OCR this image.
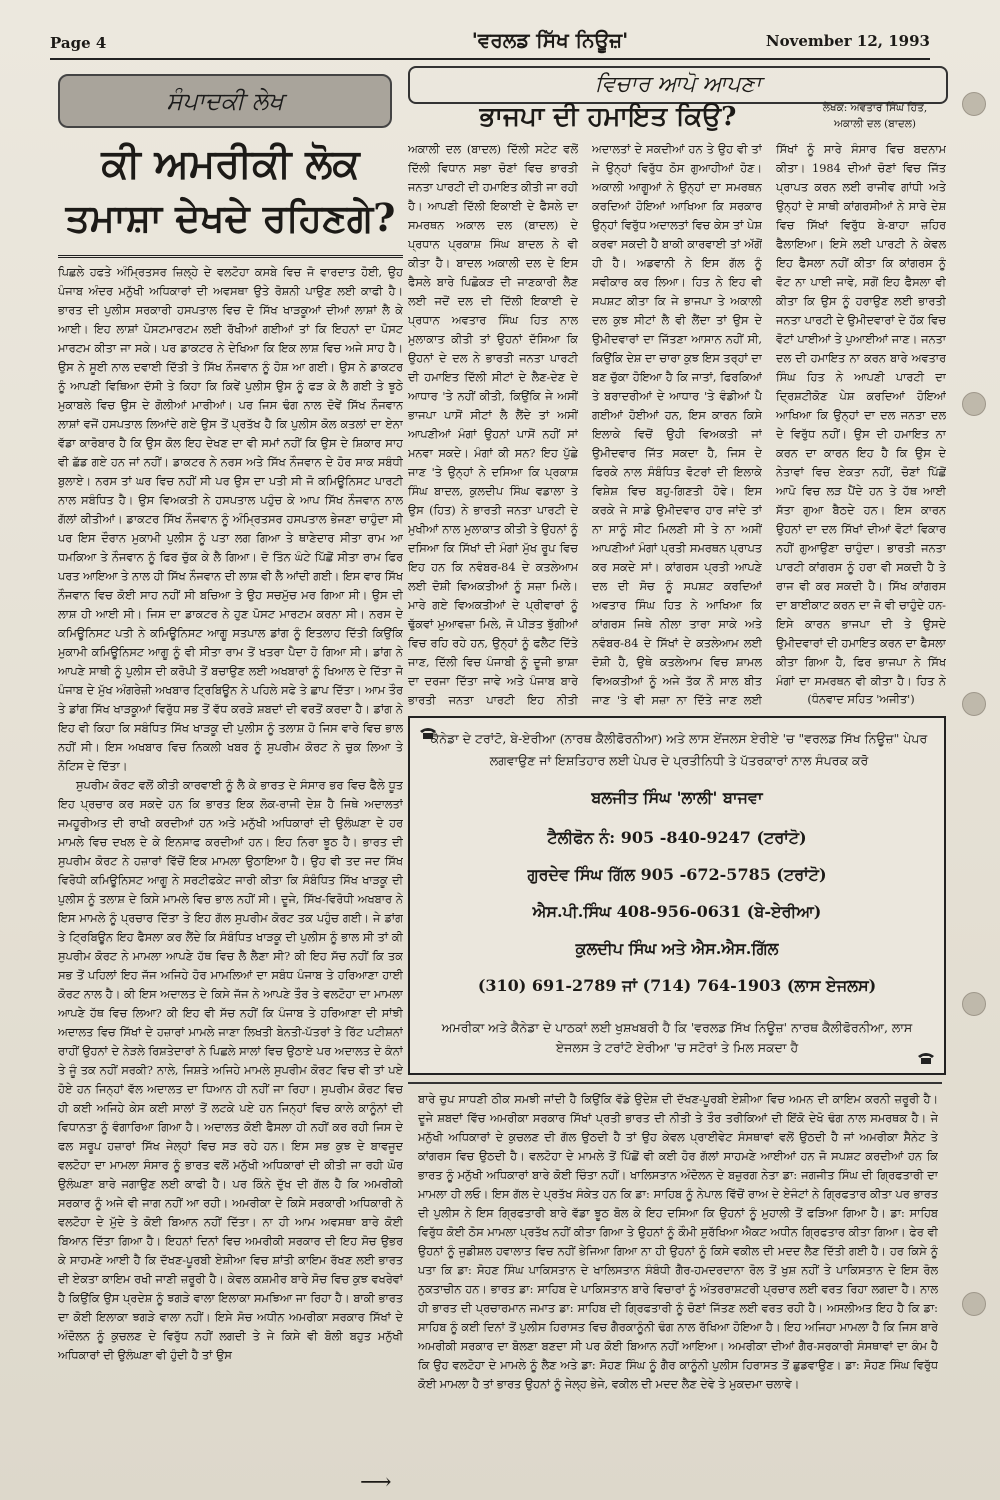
Page 4	'ਵਰਲਡ ਸਿੱਖ ਨਿਊਜ਼'	November 12, 1993
ਸੰਪਾਦਕੀ ਲੇਖ
ਕੀ ਅਮਰੀਕੀ ਲੋਕ
ਤਮਾਸ਼ਾ ਦੇਖਦੇ ਰਹਿਣਗੇ?

ਪਿਛਲੇ ਹਫਤੇ ਅੰਮ੍ਰਿਤਸਰ ਜ਼ਿਲ੍ਹੇ ਦੇ ਵਲਟੋਹਾ ਕਸਬੇ ਵਿਚ ਜੋ ਵਾਰਦਾਤ ਹੋਈ, ਉਹ ਪੰਜਾਬ ਅੰਦਰ ਮਨੁੱਖੀ ਅਧਿਕਾਰਾਂ ਦੀ ਅਵਸਥਾ ਉਤੇ ਰੋਸ਼ਨੀ ਪਾਉਣ ਲਈ ਕਾਫੀ ਹੈ। ਭਾਰਤ ਦੀ ਪੁਲੀਸ ਸਰਕਾਰੀ ਹਸਪਤਾਲ ਵਿਚ ਦੋ ਸਿੱਖ ਖਾੜਕੂਆਂ ਦੀਆਂ ਲਾਸ਼ਾਂ ਲੈ ਕੇ ਆਈ। ਇਹ ਲਾਸ਼ਾਂ ਪੋਸਟਮਾਰਟਮ ਲਈ ਰੱਖੀਆਂ ਗਈਆਂ ਤਾਂ ਕਿ ਇਹਨਾਂ ਦਾ ਪੋਸਟ ਮਾਰਟਮ ਕੀਤਾ ਜਾ ਸਕੇ। ਪਰ ਡਾਕਟਰ ਨੇ ਦੇਖਿਆ ਕਿ ਇਕ ਲਾਸ਼ ਵਿਚ ਅਜੇ ਸਾਹ ਹੈ। ਉਸ ਨੇ ਸੂਈ ਨਾਲ ਦਵਾਈ ਦਿੱਤੀ ਤੇ ਸਿੱਖ ਨੌਜਵਾਨ ਨੂੰ ਹੋਸ਼ ਆ ਗਈ। ਉਸ ਨੇ ਡਾਕਟਰ ਨੂੰ ਆਪਣੀ ਵਿਥਿਆ ਦੱਸੀ ਤੇ ਕਿਹਾ ਕਿ ਕਿਵੇਂ ਪੁਲੀਸ ਉਸ ਨੂੰ ਫੜ ਕੇ ਲੈ ਗਈ ਤੇ ਝੂਠੇ ਮੁਕਾਬਲੇ ਵਿਚ ਉਸ ਦੇ ਗੋਲੀਆਂ ਮਾਰੀਆਂ। ਪਰ ਜਿਸ ਢੰਗ ਨਾਲ ਦੋਵੇਂ ਸਿੱਖ ਨੌਜਵਾਨ ਲਾਸ਼ਾਂ ਵਜੋਂ ਹਸਪਤਾਲ ਲਿਆਂਦੇ ਗਏ ਉਸ ਤੋਂ ਪ੍ਰਤੱਖ ਹੈ ਕਿ ਪੁਲੀਸ ਕੋਲ ਕਤਲਾਂ ਦਾ ਏਨਾ ਵੱਡਾ ਕਾਰੋਬਾਰ ਹੈ ਕਿ ਉਸ ਕੋਲ ਇਹ ਦੇਖਣ ਦਾ ਵੀ ਸਮਾਂ ਨਹੀਂ ਕਿ ਉਸ ਦੇ ਸ਼ਿਕਾਰ ਸਾਹ ਵੀ ਛੱਡ ਗਏ ਹਨ ਜਾਂ ਨਹੀਂ। ਡਾਕਟਰ ਨੇ ਨਰਸ ਅਤੇ ਸਿੱਖ ਨੌਜਵਾਨ ਦੇ ਹੋਰ ਸਾਕ ਸਬੰਧੀ ਬੁਲਾਏ। ਨਰਸ ਤਾਂ ਘਰ ਵਿਚ ਨਹੀਂ ਸੀ ਪਰ ਉਸ ਦਾ ਪਤੀ ਸੀ ਜੋ ਕਮਿਊਨਿਸਟ ਪਾਰਟੀ ਨਾਲ ਸਬੰਧਿਤ ਹੈ। ਉਸ ਵਿਅਕਤੀ ਨੇ ਹਸਪਤਾਲ ਪਹੁੰਚ ਕੇ ਆਪ ਸਿੱਖ ਨੌਜਵਾਨ ਨਾਲ ਗੱਲਾਂ ਕੀਤੀਆਂ। ਡਾਕਟਰ ਸਿੱਖ ਨੌਜਵਾਨ ਨੂੰ ਅੰਮ੍ਰਿਤਸਰ ਹਸਪਤਾਲ ਭੇਜਣਾ ਚਾਹੁੰਦਾ ਸੀ ਪਰ ਇਸ ਦੌਰਾਨ ਮੁਕਾਮੀ ਪੁਲੀਸ ਨੂੰ ਪਤਾ ਲਗ ਗਿਆ ਤੇ ਥਾਣੇਦਾਰ ਸੀਤਾ ਰਾਮ ਆ ਧਮਕਿਆ ਤੇ ਨੌਜਵਾਨ ਨੂੰ ਫਿਰ ਚੁੱਕ ਕੇ ਲੈ ਗਿਆ। ਦੋ ਤਿੰਨ ਘੰਟੇ ਪਿੱਛੋਂ ਸੀਤਾ ਰਾਮ ਫਿਰ ਪਰਤ ਆਇਆ ਤੇ ਨਾਲ ਹੀ ਸਿੱਖ ਨੌਜਵਾਨ ਦੀ ਲਾਸ਼ ਵੀ ਲੈ ਆਂਦੀ ਗਈ। ਇਸ ਵਾਰ ਸਿੱਖ ਨੌਜਵਾਨ ਵਿਚ ਕੋਈ ਸਾਹ ਨਹੀਂ ਸੀ ਬਚਿਆ ਤੇ ਉਹ ਸਚਮੁੱਚ ਮਰ ਗਿਆ ਸੀ। ਉਸ ਦੀ ਲਾਸ਼ ਹੀ ਆਈ ਸੀ। ਜਿਸ ਦਾ ਡਾਕਟਰ ਨੇ ਹੁਣ ਪੋਸਟ ਮਾਰਟਮ ਕਰਨਾ ਸੀ। ਨਰਸ ਦੇ ਕਮਿਊਨਿਸਟ ਪਤੀ ਨੇ ਕਮਿਊਨਿਸਟ ਆਗੂ ਸਤਪਾਲ ਡਾਂਗ ਨੂੰ ਇਤਲਾਹ ਦਿੱਤੀ ਕਿਉਂਕਿ ਮੁਕਾਮੀ ਕਮਿਊਨਿਸਟ ਆਗੂ ਨੂੰ ਵੀ ਸੀਤਾ ਰਾਮ ਤੋਂ ਖਤਰਾ ਪੈਦਾ ਹੋ ਗਿਆ ਸੀ। ਡਾਂਗ ਨੇ ਆਪਣੇ ਸਾਥੀ ਨੂੰ ਪੁਲੀਸ ਦੀ ਕਰੋਪੀ ਤੋਂ ਬਚਾਉਣ ਲਈ ਅਖਬਾਰਾਂ ਨੂੰ ਖਿਆਲ ਦੇ ਦਿੱਤਾ ਜੋ ਪੰਜਾਬ ਦੇ ਮੁੱਖ ਅੰਗਰੇਜ਼ੀ ਅਖਬਾਰ ਟ੍ਰਿਬਿਊਨ ਨੇ ਪਹਿਲੇ ਸਫੇ ਤੇ ਛਾਪ ਦਿੱਤਾ। ਆਮ ਤੌਰ ਤੇ ਡਾਂਗ ਸਿੱਖ ਖਾੜਕੂਆਂ ਵਿਰੁੱਧ ਸਭ ਤੋਂ ਵੱਧ ਕਰੜੇ ਸ਼ਬਦਾਂ ਦੀ ਵਰਤੋਂ ਕਰਦਾ ਹੈ। ਡਾਂਗ ਨੇ ਇਹ ਵੀ ਕਿਹਾ ਕਿ ਸਬੰਧਿਤ ਸਿੱਖ ਖਾੜਕੂ ਦੀ ਪੁਲੀਸ ਨੂੰ ਤਲਾਸ਼ ਹੋ ਜਿਸ ਵਾਰੇ ਵਿਚ ਭਾਲ ਨਹੀਂ ਸੀ। ਇਸ ਅਖਬਾਰ ਵਿਚ ਨਿਕਲੀ ਖਬਰ ਨੂੰ ਸੁਪਰੀਮ ਕੋਰਟ ਨੇ ਚੁਕ ਲਿਆ ਤੇ ਨੋਟਿਸ ਦੇ ਦਿੱਤਾ।

ਸੁਪਰੀਮ ਕੋਰਟ ਵਲੋਂ ਕੀਤੀ ਕਾਰਵਾਈ ਨੂੰ ਲੈ ਕੇ ਭਾਰਤ ਦੇ ਸੰਸਾਰ ਭਰ ਵਿਚ ਫੈਲੇ ਧੂਤ ਇਹ ਪ੍ਰਚਾਰ ਕਰ ਸਕਦੇ ਹਨ ਕਿ ਭਾਰਤ ਇਕ ਲੋਕ-ਰਾਜੀ ਦੇਸ਼ ਹੈ ਜਿਥੇ ਅਦਾਲਤਾਂ ਜਮਹੂਰੀਅਤ ਦੀ ਰਾਖੀ ਕਰਦੀਆਂ ਹਨ ਅਤੇ ਮਨੁੱਖੀ ਅਧਿਕਾਰਾਂ ਦੀ ਉਲੰਘਣਾ ਦੇ ਹਰ ਮਾਮਲੇ ਵਿਚ ਦਖਲ ਦੇ ਕੇ ਇਨਸਾਫ ਕਰਦੀਆਂ ਹਨ। ਇਹ ਨਿਰਾ ਝੂਠ ਹੈ। ਭਾਰਤ ਦੀ ਸੁਪਰੀਮ ਕੋਰਟ ਨੇ ਹਜ਼ਾਰਾਂ ਵਿੱਚੋਂ ਇਕ ਮਾਮਲਾ ਉਠਾਇਆ ਹੈ। ਉਹ ਵੀ ਤਦ ਜਦ ਸਿੱਖ ਵਿਰੋਧੀ ਕਮਿਊਨਿਸਟ ਆਗੂ ਨੇ ਸਰਟੀਫਕੇਟ ਜਾਰੀ ਕੀਤਾ ਕਿ ਸੰਬੰਧਿਤ ਸਿੱਖ ਖਾੜਕੂ ਦੀ ਪੁਲੀਸ ਨੂੰ ਤਲਾਸ਼ ਦੇ ਕਿਸੇ ਮਾਮਲੇ ਵਿਚ ਭਾਲ ਨਹੀਂ ਸੀ। ਦੂਜੇ, ਸਿੱਖ-ਵਿਰੋਧੀ ਅਖਬਾਰ ਨੇ ਇਸ ਮਾਮਲੇ ਨੂੰ ਪ੍ਰਚਾਰ ਦਿੱਤਾ ਤੇ ਇਹ ਗੱਲ ਸੁਪਰੀਮ ਕੋਰਟ ਤਕ ਪਹੁੰਚ ਗਈ। ਜੇ ਡਾਂਗ ਤੇ ਟ੍ਰਿਬਿਊਨ ਇਹ ਫੈਸਲਾ ਕਰ ਲੈਂਦੇ ਕਿ ਸੰਬੰਧਿਤ ਖਾੜਕੂ ਦੀ ਪੁਲੀਸ ਨੂੰ ਭਾਲ ਸੀ ਤਾਂ ਕੀ ਸੁਪਰੀਮ ਕੋਰਟ ਨੇ ਮਾਮਲਾ ਆਪਣੇ ਹੱਥ ਵਿਚ ਲੈ ਲੈਣਾ ਸੀ? ਕੀ ਇਹ ਸੱਚ ਨਹੀਂ ਕਿ ਤਕ ਸਭ ਤੋਂ ਪਹਿਲਾਂ ਇਹ ਜੱਜ ਅਜਿਹੇ ਹੋਰ ਮਾਮਲਿਆਂ ਦਾ ਸਬੰਧ ਪੰਜਾਬ ਤੇ ਹਰਿਆਣਾ ਹਾਈ ਕੋਰਟ ਨਾਲ ਹੈ। ਕੀ ਇਸ ਅਦਾਲਤ ਦੇ ਕਿਸੇ ਜੱਜ ਨੇ ਆਪਣੇ ਤੌਰ ਤੇ ਵਲਟੋਹਾ ਦਾ ਮਾਮਲਾ ਆਪਣੇ ਹੱਥ ਵਿਚ ਲਿਆ? ਕੀ ਇਹ ਵੀ ਸੱਚ ਨਹੀਂ ਕਿ ਪੰਜਾਬ ਤੇ ਹਰਿਆਣਾ ਦੀ ਸਾਂਝੀ ਅਦਾਲਤ ਵਿਚ ਸਿੱਖਾਂ ਦੇ ਹਜ਼ਾਰਾਂ ਮਾਮਲੇ ਜਾਣਾ ਲਿਖਤੀ ਬੇਨਤੀ-ਪੱਤਰਾਂ ਤੇ ਰਿੱਟ ਪਟੀਸ਼ਨਾਂ ਰਾਹੀਂ ਉਹਨਾਂ ਦੇ ਨੇੜਲੇ ਰਿਸ਼ਤੇਦਾਰਾਂ ਨੇ ਪਿਛਲੇ ਸਾਲਾਂ ਵਿਚ ਉਠਾਏ ਪਰ ਅਦਾਲਤ ਦੇ ਕੰਨਾਂ ਤੇ ਜੂੰ ਤਕ ਨਹੀਂ ਸਰਕੀ? ਨਾਲੇ, ਜਿਸ਼ਤੇ ਅਜਿਹੇ ਮਾਮਲੇ ਸੁਪਰੀਮ ਕੋਰਟ ਵਿਚ ਵੀ ਤਾਂ ਪਏ ਹੋਏ ਹਨ ਜਿਨ੍ਹਾਂ ਵੱਲ ਅਦਾਲਤ ਦਾ ਧਿਆਨ ਹੀ ਨਹੀਂ ਜਾ ਰਿਹਾ। ਸੁਪਰੀਮ ਕੋਰਟ ਵਿਚ ਹੀ ਕਈ ਅਜਿਹੇ ਕੇਸ ਕਈ ਸਾਲਾਂ ਤੋਂ ਲਟਕੇ ਪਏ ਹਨ ਜਿਨ੍ਹਾਂ ਵਿਚ ਕਾਲੇ ਕਾਨੂੰਨਾਂ ਦੀ ਵਿਧਾਨਤਾ ਨੂੰ ਵੰਗਾਰਿਆ ਗਿਆ ਹੈ। ਅਦਾਲਤ ਕੋਈ ਫੈਸਲਾ ਹੀ ਨਹੀਂ ਕਰ ਰਹੀ ਜਿਸ ਦੇ ਫਲ ਸਰੂਪ ਹਜ਼ਾਰਾਂ ਸਿੱਖ ਜੇਲ੍ਹਾਂ ਵਿਚ ਸੜ ਰਹੇ ਹਨ। ਇਸ ਸਭ ਕੁਝ ਦੇ ਬਾਵਜੂਦ ਵਲਟੋਹਾ ਦਾ ਮਾਮਲਾ ਸੰਸਾਰ ਨੂੰ ਭਾਰਤ ਵਲੋਂ ਮਨੁੱਖੀ ਅਧਿਕਾਰਾਂ ਦੀ ਕੀਤੀ ਜਾ ਰਹੀ ਘੋਰ ਉਲੰਘਣਾ ਬਾਰੇ ਜਗਾਉਣ ਲਈ ਕਾਫੀ ਹੈ। ਪਰ ਕਿੰਨੇ ਦੁੱਖ ਦੀ ਗੱਲ ਹੈ ਕਿ ਅਮਰੀਕੀ ਸਰਕਾਰ ਨੂੰ ਅਜੇ ਵੀ ਜਾਗ ਨਹੀਂ ਆ ਰਹੀ। ਅਮਰੀਕਾ ਦੇ ਕਿਸੇ ਸਰਕਾਰੀ ਅਧਿਕਾਰੀ ਨੇ ਵਲਟੋਹਾ ਦੇ ਮੁੱਦੇ ਤੇ ਕੋਈ ਬਿਆਨ ਨਹੀਂ ਦਿੱਤਾ। ਨਾ ਹੀ ਆਮ ਅਵਸਥਾ ਬਾਰੇ ਕੋਈ ਬਿਆਨ ਦਿੱਤਾ ਗਿਆ ਹੈ। ਇਹਨਾਂ ਦਿਨਾਂ ਵਿਚ ਅਮਰੀਕੀ ਸਰਕਾਰ ਦੀ ਇਹ ਸੋਚ ਉਭਰ ਕੇ ਸਾਹਮਣੇ ਆਈ ਹੈ ਕਿ ਦੱਖਣ-ਪੂਰਬੀ ਏਸ਼ੀਆ ਵਿਚ ਸ਼ਾਂਤੀ ਕਾਇਮ ਰੱਖਣ ਲਈ ਭਾਰਤ ਦੀ ਏਕਤਾ ਕਾਇਮ ਰਖੀ ਜਾਣੀ ਜ਼ਰੂਰੀ ਹੈ। ਕੇਵਲ ਕਸ਼ਮੀਰ ਬਾਰੇ ਸੋਚ ਵਿਚ ਕੁਝ ਵਖਰੇਵਾਂ ਹੈ ਕਿਉਂਕਿ ਉਸ ਪ੍ਰਦੇਸ਼ ਨੂੰ ਝਗੜੇ ਵਾਲਾ ਇਲਾਕਾ ਸਮਝਿਆ ਜਾ ਰਿਹਾ ਹੈ। ਬਾਕੀ ਭਾਰਤ ਦਾ ਕੋਈ ਇਲਾਕਾ ਝਗੜੇ ਵਾਲਾ ਨਹੀਂ। ਇਸੇ ਸੋਚ ਅਧੀਨ ਅਮਰੀਕਾ ਸਰਕਾਰ ਸਿੱਖਾਂ ਦੇ ਅੰਦੋਲਨ ਨੂੰ ਕੁਚਲਣ ਦੇ ਵਿਰੁੱਧ ਨਹੀਂ ਲਗਦੀ ਤੇ ਜੇ ਕਿਸੇ ਵੀ ਬੋਲੀ ਬਹੁਤ ਮਨੁੱਖੀ ਅਧਿਕਾਰਾਂ ਦੀ ਉਲੰਘਣਾ ਵੀ ਹੁੰਦੀ ਹੈ ਤਾਂ ਉਸ

⟶
ਵਿਚਾਰ ਆਪੋ ਆਪਣਾ
ਲੇਖਕ: ਅਵਤਾਰ ਸਿੰਘ ਹਿੱਤ,
ਅਕਾਲੀ ਦਲ (ਬਾਦਲ)
ਭਾਜਪਾ ਦੀ ਹਮਾਇਤ ਕਿਉ?
ਅਕਾਲੀ ਦਲ (ਬਾਦਲ) ਦਿੱਲੀ ਸਟੇਟ ਵਲੋਂ ਦਿੱਲੀ ਵਿਧਾਨ ਸਭਾ ਚੋਣਾਂ ਵਿਚ ਭਾਰਤੀ ਜਨਤਾ ਪਾਰਟੀ ਦੀ ਹਮਾਇਤ ਕੀਤੀ ਜਾ ਰਹੀ ਹੈ। ਆਪਣੀ ਦਿੱਲੀ ਇਕਾਈ ਦੇ ਫੈਸਲੇ ਦਾ ਸਮਰਥਨ ਅਕਾਲ ਦਲ (ਬਾਦਲ) ਦੇ ਪ੍ਰਧਾਨ ਪ੍ਰਕਾਸ਼ ਸਿੰਘ ਬਾਦਲ ਨੇ ਵੀ ਕੀਤਾ ਹੈ। ਬਾਦਲ ਅਕਾਲੀ ਦਲ ਦੇ ਇਸ ਫੈਸਲੇ ਬਾਰੇ ਪਿਛੋਕੜ ਦੀ ਜਾਣਕਾਰੀ ਲੈਣ ਲਈ ਜਦੋਂ ਦਲ ਦੀ ਦਿੱਲੀ ਇਕਾਈ ਦੇ ਪ੍ਰਧਾਨ ਅਵਤਾਰ ਸਿੰਘ ਹਿਤ ਨਾਲ ਮੁਲਾਕਾਤ ਕੀਤੀ ਤਾਂ ਉਹਨਾਂ ਦੱਸਿਆ ਕਿ ਉਹਨਾਂ ਦੇ ਦਲ ਨੇ ਭਾਰਤੀ ਜਨਤਾ ਪਾਰਟੀ ਦੀ ਹਮਾਇਤ ਦਿੱਲੀ ਸੀਟਾਂ ਦੇ ਲੈਣ-ਦੇਣ ਦੇ ਆਧਾਰ 'ਤੇ ਨਹੀਂ ਕੀਤੀ, ਕਿਉਂਕਿ ਜੇ ਅਸੀਂ ਭਾਜਪਾ ਪਾਸੋਂ ਸੀਟਾਂ ਲੈ ਲੈਂਦੇ ਤਾਂ ਅਸੀਂ ਆਪਣੀਆਂ ਮੰਗਾਂ ਉਹਨਾਂ ਪਾਸੋਂ ਨਹੀਂ ਸਾਂ ਮਨਵਾ ਸਕਦੇ। ਮੰਗਾਂ ਕੀ ਸਨ? ਇਹ ਪੁੱਛੇ ਜਾਣ 'ਤੇ ਉਨ੍ਹਾਂ ਨੇ ਦਸਿਆ ਕਿ ਪ੍ਰਕਾਸ਼ ਸਿੰਘ ਬਾਦਲ, ਕੁਲਦੀਪ ਸਿੰਘ ਵਡਾਲਾ ਤੇ ਉਸ (ਹਿਤ) ਨੇ ਭਾਰਤੀ ਜਨਤਾ ਪਾਰਟੀ ਦੇ ਮੁਖੀਆਂ ਨਾਲ ਮੁਲਾਕਾਤ ਕੀਤੀ ਤੇ ਉਹਨਾਂ ਨੂੰ ਦਸਿਆ ਕਿ ਸਿੱਖਾਂ ਦੀ ਮੰਗਾਂ ਮੁੱਖ ਰੂਪ ਵਿਚ ਇਹ ਹਨ ਕਿ ਨਵੰਬਰ-84 ਦੇ ਕਤਲੇਆਮ ਲਈ ਦੋਸ਼ੀ ਵਿਅਕਤੀਆਂ ਨੂੰ ਸਜ਼ਾ ਮਿਲੇ। ਮਾਰੇ ਗਏ ਵਿਅਕਤੀਆਂ ਦੇ ਪ੍ਰੀਵਾਰਾਂ ਨੂੰ ਢੁੱਕਵਾਂ ਮੁਆਵਜ਼ਾ ਮਿਲੇ, ਜੋ ਪੀੜਤ ਝੁੱਗੀਆਂ ਵਿਚ ਰਹਿ ਰਹੇ ਹਨ, ਉਨ੍ਹਾਂ ਨੂੰ ਫਲੈਟ ਦਿੱਤੇ ਜਾਣ, ਦਿੱਲੀ ਵਿਚ ਪੰਜਾਬੀ ਨੂੰ ਦੂਜੀ ਭਾਸ਼ਾ ਦਾ ਦਰਜਾ ਦਿੱਤਾ ਜਾਵੇ ਅਤੇ ਪੰਜਾਬ ਬਾਰੇ ਭਾਰਤੀ ਜਨਤਾ ਪਾਰਟੀ ਇਹ ਨੀਤੀ
ਅਦਾਲਤਾਂ ਦੇ ਸਕਦੀਆਂ ਹਨ ਤੇ ਉਹ ਵੀ ਤਾਂ ਜੇ ਉਨ੍ਹਾਂ ਵਿਰੁੱਧ ਠੋਸ ਗੁਆਹੀਆਂ ਹੋਣ। ਅਕਾਲੀ ਆਗੂਆਂ ਨੇ ਉਨ੍ਹਾਂ ਦਾ ਸਮਰਥਨ ਕਰਦਿਆਂ ਹੋਇਆਂ ਆਖਿਆ ਕਿ ਸਰਕਾਰ ਉਨ੍ਹਾਂ ਵਿਰੁੱਧ ਅਦਾਲਤਾਂ ਵਿਚ ਕੇਸ ਤਾਂ ਪੇਸ਼ ਕਰਵਾ ਸਕਦੀ ਹੈ ਬਾਕੀ ਕਾਰਵਾਈ ਤਾਂ ਅੱਗੋਂ ਹੀ ਹੈ। ਅਡਵਾਨੀ ਨੇ ਇਸ ਗੱਲ ਨੂੰ ਸਵੀਕਾਰ ਕਰ ਲਿਆ। ਹਿਤ ਨੇ ਇਹ ਵੀ ਸਪਸ਼ਟ ਕੀਤਾ ਕਿ ਜੇ ਭਾਜਪਾ ਤੇ ਅਕਾਲੀ ਦਲ ਕੁਝ ਸੀਟਾਂ ਲੈ ਵੀ ਲੈਂਦਾ ਤਾਂ ਉਸ ਦੇ ਉਮੀਦਵਾਰਾਂ ਦਾ ਜਿੱਤਣਾ ਆਸਾਨ ਨਹੀਂ ਸੀ, ਕਿਉਂਕਿ ਦੇਸ਼ ਦਾ ਚਾਰਾ ਕੁਝ ਇਸ ਤਰ੍ਹਾਂ ਦਾ ਬਣ ਚੁੱਕਾ ਹੋਇਆ ਹੈ ਕਿ ਜਾਤਾਂ, ਫਿਰਕਿਆਂ ਤੇ ਬਰਾਦਰੀਆਂ ਦੇ ਆਧਾਰ 'ਤੇ ਵੰਡੀਆਂ ਪੈ ਗਈਆਂ ਹੋਈਆਂ ਹਨ, ਇਸ ਕਾਰਨ ਕਿਸੇ ਇਲਾਕੇ ਵਿਚੋਂ ਉਹੀ ਵਿਅਕਤੀ ਜਾਂ ਉਮੀਦਵਾਰ ਜਿੱਤ ਸਕਦਾ ਹੈ, ਜਿਸ ਦੇ ਫਿਰਕੇ ਨਾਲ ਸੰਬੰਧਿਤ ਵੋਟਰਾਂ ਦੀ ਇਲਾਕੇ ਵਿਸ਼ੇਸ਼ ਵਿਚ ਬਹੁ-ਗਿਣਤੀ ਹੋਵੇ। ਇਸ ਕਰਕੇ ਜੇ ਸਾਡੇ ਉਮੀਦਵਾਰ ਹਾਰ ਜਾਂਦੇ ਤਾਂ ਨਾ ਸਾਨੂੰ ਸੀਟ ਮਿਲਣੀ ਸੀ ਤੇ ਨਾ ਅਸੀਂ ਆਪਣੀਆਂ ਮੰਗਾਂ ਪ੍ਰਤੀ ਸਮਰਥਨ ਪ੍ਰਾਪਤ ਕਰ ਸਕਦੇ ਸਾਂ। ਕਾਂਗਰਸ ਪ੍ਰਤੀ ਆਪਣੇ ਦਲ ਦੀ ਸੋਚ ਨੂੰ ਸਪਸ਼ਟ ਕਰਦਿਆਂ ਅਵਤਾਰ ਸਿੰਘ ਹਿਤ ਨੇ ਆਖਿਆ ਕਿ ਕਾਂਗਰਸ ਜਿਥੇ ਨੀਲਾ ਤਾਰਾ ਸਾਕੇ ਅਤੇ ਨਵੰਬਰ-84 ਦੇ ਸਿੱਖਾਂ ਦੇ ਕਤਲੇਆਮ ਲਈ ਦੋਸ਼ੀ ਹੈ, ਉਥੇ ਕਤਲੇਆਮ ਵਿਚ ਸ਼ਾਮਲ ਵਿਅਕਤੀਆਂ ਨੂੰ ਅਜੇ ਤੱਕ ਨੌਂ ਸਾਲ ਬੀਤ ਜਾਣ 'ਤੇ ਵੀ ਸਜ਼ਾ ਨਾ ਦਿੱਤੇ ਜਾਣ ਲਈ
ਸਿੱਖਾਂ ਨੂੰ ਸਾਰੇ ਸੰਸਾਰ ਵਿਚ ਬਦਨਾਮ ਕੀਤਾ। 1984 ਦੀਆਂ ਚੋਣਾਂ ਵਿਚ ਜਿੱਤ ਪ੍ਰਾਪਤ ਕਰਨ ਲਈ ਰਾਜੀਵ ਗਾਂਧੀ ਅਤੇ ਉਨ੍ਹਾਂ ਦੇ ਸਾਥੀ ਕਾਂਗਰਸੀਆਂ ਨੇ ਸਾਰੇ ਦੇਸ਼ ਵਿਚ ਸਿੱਖਾਂ ਵਿਰੁੱਧ ਬੇ-ਬਾਹਾ ਜ਼ਹਿਰ ਫੈਲਾਇਆ। ਇਸੇ ਲਈ ਪਾਰਟੀ ਨੇ ਕੇਵਲ ਇਹ ਫੈਸਲਾ ਨਹੀਂ ਕੀਤਾ ਕਿ ਕਾਂਗਰਸ ਨੂੰ ਵੋਟ ਨਾ ਪਾਈ ਜਾਵੇ, ਸਗੋਂ ਇਹ ਫੈਸਲਾ ਵੀ ਕੀਤਾ ਕਿ ਉਸ ਨੂੰ ਹਰਾਉਣ ਲਈ ਭਾਰਤੀ ਜਨਤਾ ਪਾਰਟੀ ਦੇ ਉਮੀਦਵਾਰਾਂ ਦੇ ਹੱਕ ਵਿਚ ਵੋਟਾਂ ਪਾਈਆਂ ਤੇ ਪੁਆਈਆਂ ਜਾਣ। ਜਨਤਾ ਦਲ ਦੀ ਹਮਾਇਤ ਨਾ ਕਰਨ ਬਾਰੇ ਅਵਤਾਰ ਸਿੰਘ ਹਿਤ ਨੇ ਆਪਣੀ ਪਾਰਟੀ ਦਾ ਦ੍ਰਿਸ਼ਟੀਕੋਣ ਪੇਸ਼ ਕਰਦਿਆਂ ਹੋਇਆਂ ਆਖਿਆ ਕਿ ਉਨ੍ਹਾਂ ਦਾ ਦਲ ਜਨਤਾ ਦਲ ਦੇ ਵਿਰੁੱਧ ਨਹੀਂ। ਉਸ ਦੀ ਹਮਾਇਤ ਨਾ ਕਰਨ ਦਾ ਕਾਰਨ ਇਹ ਹੈ ਕਿ ਉਸ ਦੇ ਨੇਤਾਵਾਂ ਵਿਚ ਏਕਤਾ ਨਹੀਂ, ਚੋਣਾਂ ਪਿੱਛੋਂ ਆਪੋ ਵਿਚ ਲੜ ਪੈਂਦੇ ਹਨ ਤੇ ਹੱਥ ਆਈ ਸੱਤਾ ਗੁਆ ਬੈਠਦੇ ਹਨ। ਇਸ ਕਾਰਨ ਉਹਨਾਂ ਦਾ ਦਲ ਸਿੱਖਾਂ ਦੀਆਂ ਵੋਟਾਂ ਵਿਕਾਰ ਨਹੀਂ ਗੁਆਉਣਾ ਚਾਹੁੰਦਾ। ਭਾਰਤੀ ਜਨਤਾ ਪਾਰਟੀ ਕਾਂਗਰਸ ਨੂੰ ਹਰਾ ਵੀ ਸਕਦੀ ਹੈ ਤੇ ਰਾਜ ਵੀ ਕਰ ਸਕਦੀ ਹੈ। ਸਿੱਖ ਕਾਂਗਰਸ ਦਾ ਬਾਈਕਾਟ ਕਰਨ ਦਾ ਜੋ ਵੀ ਚਾਹੁੰਦੇ ਹਨ-ਇਸੇ ਕਾਰਨ ਭਾਜਪਾ ਦੀ ਤੇ ਉਸਦੇ ਉਮੀਦਵਾਰਾਂ ਦੀ ਹਮਾਇਤ ਕਰਨ ਦਾ ਫੈਸਲਾ ਕੀਤਾ ਗਿਆ ਹੈ, ਫਿਰ ਭਾਜਪਾ ਨੇ ਸਿੱਖ ਮੰਗਾਂ ਦਾ ਸਮਰਥਨ ਵੀ ਕੀਤਾ ਹੈ। ਹਿਤ ਨੇ
(ਧੰਨਵਾਦ ਸਹਿਤ 'ਅਜੀਤ')
ਕੈਨੇਡਾ ਦੇ ਟਰਾਂਟੋ, ਬੇ-ਏਰੀਆ (ਨਾਰਥ ਕੈਲੀਫੋਰਨੀਆ) ਅਤੇ ਲਾਸ ਏਂਜਲਸ ਏਰੀਏ 'ਚ "ਵਰਲਡ ਸਿੱਖ ਨਿਊਜ਼" ਪੇਪਰ ਲਗਵਾਉਣ ਜਾਂ ਇਸ਼ਤਿਹਾਰ ਲਈ ਪੇਪਰ ਦੇ ਪ੍ਰਤੀਨਿਧੀ ਤੇ ਪੱਤਰਕਾਰਾਂ ਨਾਲ ਸੰਪਰਕ ਕਰੋ
ਬਲਜੀਤ ਸਿੰਘ 'ਲਾਲੀ' ਬਾਜਵਾ
ਟੈਲੀਫੋਨ ਨੰ: 905 -840-9247 (ਟਰਾਂਟੋ)
ਗੁਰਦੇਵ ਸਿੰਘ ਗਿੱਲ 905 -672-5785 (ਟਰਾਂਟੋ)
ਐਸ.ਪੀ.ਸਿੰਘ 408-956-0631 (ਬੇ-ਏਰੀਆ)
ਕੁਲਦੀਪ ਸਿੰਘ ਅਤੇ ਐਸ.ਐਸ.ਗਿੱਲ
(310) 691-2789 ਜਾਂ (714) 764-1903 (ਲਾਸ ਏਜਲਸ)
ਅਮਰੀਕਾ ਅਤੇ ਕੈਨੇਡਾ ਦੇ ਪਾਠਕਾਂ ਲਈ ਖੁਸ਼ਖਬਰੀ ਹੈ ਕਿ 'ਵਰਲਡ ਸਿੱਖ ਨਿਊਜ਼' ਨਾਰਥ ਕੈਲੀਫੋਰਨੀਆ, ਲਾਸ ਏਜਲਸ ਤੇ ਟਰਾਂਟੋ ਏਰੀਆ 'ਚ ਸਟੋਰਾਂ ਤੇ ਮਿਲ ਸਕਦਾ ਹੈ
ਬਾਰੇ ਚੁਪ ਸਾਧਣੀ ਠੀਕ ਸਮਝੀ ਜਾਂਦੀ ਹੈ ਕਿਉਂਕਿ ਵੱਡੇ ਉਦੇਸ਼ ਦੀ ਦੱਖਣ-ਪੂਰਬੀ ਏਸ਼ੀਆ ਵਿਚ ਅਮਨ ਦੀ ਕਾਇਮ ਕਰਨੀ ਜ਼ਰੂਰੀ ਹੈ। ਦੂਜੇ ਸ਼ਬਦਾਂ ਵਿੱਚ ਅਮਰੀਕਾ ਸਰਕਾਰ ਸਿੱਖਾਂ ਪ੍ਰਤੀ ਭਾਰਤ ਦੀ ਨੀਤੀ ਤੇ ਤੌਰ ਤਰੀਕਿਆਂ ਦੀ ਇੱਕੋ ਦੇਖੋ ਢੰਗ ਨਾਲ ਸਮਰਥਕ ਹੈ। ਜੇ ਮਨੁੱਖੀ ਅਧਿਕਾਰਾਂ ਦੇ ਕੁਚਲਣ ਦੀ ਗੱਲ ਉਠਦੀ ਹੈ ਤਾਂ ਉਹ ਕੇਵਲ ਪ੍ਰਾਈਵੇਟ ਸੰਸਥਾਵਾਂ ਵਲੋਂ ਉਠਦੀ ਹੈ ਜਾਂ ਅਮਰੀਕਾ ਸੈਨੇਟ ਤੇ ਕਾਂਗਰਸ ਵਿਚ ਉਠਦੀ ਹੈ। ਵਲਟੋਹਾ ਦੇ ਮਾਮਲੇ ਤੋਂ ਪਿੱਛੋਂ ਵੀ ਕਈ ਹੋਰ ਗੱਲਾਂ ਸਾਹਮਣੇ ਆਈਆਂ ਹਨ ਜੋ ਸਪਸ਼ਟ ਕਰਦੀਆਂ ਹਨ ਕਿ ਭਾਰਤ ਨੂੰ ਮਨੁੱਖੀ ਅਧਿਕਾਰਾਂ ਬਾਰੇ ਕੋਈ ਚਿੰਤਾ ਨਹੀਂ। ਖਾਲਿਸਤਾਨ ਅੰਦੋਲਨ ਦੇ ਬਜ਼ੁਰਗ ਨੇਤਾ ਡਾ: ਜਗਜੀਤ ਸਿੰਘ ਦੀ ਗ੍ਰਿਫਤਾਰੀ ਦਾ ਮਾਮਲਾ ਹੀ ਲਓ। ਇਸ ਗੱਲ ਦੇ ਪ੍ਰਤੱਖ ਸੰਕੇਤ ਹਨ ਕਿ ਡਾ: ਸਾਹਿਬ ਨੂੰ ਨੇਪਾਲ ਵਿੱਚੋਂ ਰਾਅ ਦੇ ਏਜੰਟਾਂ ਨੇ ਗ੍ਰਿਫਤਾਰ ਕੀਤਾ ਪਰ ਭਾਰਤ ਦੀ ਪੁਲੀਸ ਨੇ ਇਸ ਗ੍ਰਿਫਤਾਰੀ ਬਾਰੇ ਵੱਡਾ ਝੂਠ ਬੋਲ ਕੇ ਇਹ ਦਸਿਆ ਕਿ ਉਹਨਾਂ ਨੂੰ ਮੁਹਾਲੀ ਤੋਂ ਫੜਿਆ ਗਿਆ ਹੈ। ਡਾ: ਸਾਹਿਬ ਵਿਰੁੱਧ ਕੋਈ ਠੋਸ ਮਾਮਲਾ ਪ੍ਰਤੱਖ ਨਹੀਂ ਕੀਤਾ ਗਿਆ ਤੇ ਉਹਨਾਂ ਨੂੰ ਕੌਮੀ ਸੁਰੱਖਿਆ ਐਕਟ ਅਧੀਨ ਗ੍ਰਿਫਤਾਰ ਕੀਤਾ ਗਿਆ। ਫੇਰ ਵੀ ਉਹਨਾਂ ਨੂੰ ਜੁਡੀਸ਼ਲ ਹਵਾਲਾਤ ਵਿਚ ਨਹੀਂ ਭੇਜਿਆ ਗਿਆ ਨਾ ਹੀ ਉਹਨਾਂ ਨੂੰ ਕਿਸੇ ਵਕੀਲ ਦੀ ਮਦਦ ਲੈਣ ਦਿੱਤੀ ਗਈ ਹੈ। ਹਰ ਕਿਸੇ ਨੂੰ ਪਤਾ ਕਿ ਡਾ: ਸੋਹਣ ਸਿੰਘ ਪਾਕਿਸਤਾਨ ਦੇ ਖਾਲਿਸਤਾਨ ਸੰਬੰਧੀ ਗੈਰ-ਹਮਦਰਦਾਨਾ ਰੋਲ ਤੋਂ ਖੁਸ਼ ਨਹੀਂ ਤੇ ਪਾਕਿਸਤਾਨ ਦੇ ਇਸ ਰੋਲ ਨੁਕਤਾਚੀਨ ਹਨ। ਭਾਰਤ ਡਾ: ਸਾਹਿਬ ਦੇ ਪਾਕਿਸਤਾਨ ਬਾਰੇ ਵਿਚਾਰਾਂ ਨੂੰ ਅੰਤਰਰਾਸ਼ਟਰੀ ਪ੍ਰਚਾਰ ਲਈ ਵਰਤ ਰਿਹਾ ਲਗਦਾ ਹੈ। ਨਾਲ ਹੀ ਭਾਰਤ ਦੀ ਪ੍ਰਚਾਰਮਾਨ ਜਮਾਤ ਡਾ: ਸਾਹਿਬ ਦੀ ਗ੍ਰਿਫਤਾਰੀ ਨੂੰ ਚੋਣਾਂ ਜਿੱਤਣ ਲਈ ਵਰਤ ਰਹੀ ਹੈ। ਅਸਲੀਅਤ ਇਹ ਹੈ ਕਿ ਡਾ: ਸਾਹਿਬ ਨੂੰ ਕਈ ਦਿਨਾਂ ਤੋਂ ਪੁਲੀਸ ਹਿਰਾਸਤ ਵਿਚ ਗੈਰਕਾਨੂੰਨੀ ਢੰਗ ਨਾਲ ਰੱਖਿਆ ਹੋਇਆ ਹੈ। ਇਹ ਅਜਿਹਾ ਮਾਮਲਾ ਹੈ ਕਿ ਜਿਸ ਬਾਰੇ ਅਮਰੀਕੀ ਸਰਕਾਰ ਦਾ ਬੋਲਣਾ ਬਣਦਾ ਸੀ ਪਰ ਕੋਈ ਬਿਆਨ ਨਹੀਂ ਆਇਆ। ਅਮਰੀਕਾ ਦੀਆਂ ਗੈਰ-ਸਰਕਾਰੀ ਸੰਸਥਾਵਾਂ ਦਾ ਕੰਮ ਹੈ ਕਿ ਉਹ ਵਲਟੋਹਾ ਦੇ ਮਾਮਲੇ ਨੂੰ ਲੈਣ ਅਤੇ ਡਾ: ਸੋਹਣ ਸਿੰਘ ਨੂੰ ਗੈਰ ਕਾਨੂੰਨੀ ਪੁਲੀਸ ਹਿਰਾਸਤ ਤੋਂ ਛੁਡਵਾਉਣ। ਡਾ: ਸੋਹਣ ਸਿੰਘ ਵਿਰੁੱਧ ਕੋਈ ਮਾਮਲਾ ਹੈ ਤਾਂ ਭਾਰਤ ਉਹਨਾਂ ਨੂੰ ਜੇਲ੍ਹ ਭੇਜੇ, ਵਕੀਲ ਦੀ ਮਦਦ ਲੈਣ ਦੇਵੇ ਤੇ ਮੁਕਦਮਾ ਚਲਾਵੇ।
